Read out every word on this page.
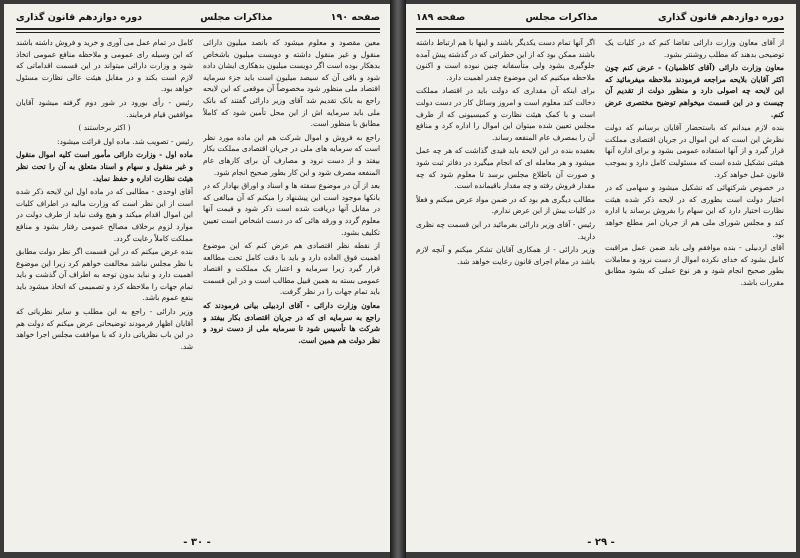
صفحه ۱۹۰
مذاکرات مجلس
دوره دوازدهم قانون گذاری

معین مقصود و معلوم میشود که بانصد میلیون دارائی منقول و غیر منقول داشته و دویست میلیون باشخاص بدهکار بوده است اگر دویست میلیون بدهکاری ایشان داده شود و باقی آن که سیصد میلیون است باید جزء سرمایه اقتصاد ملی منظور شود مخصوصاً آن موقعی که این لایحه راجع به بانک تقدیم شد آقای وزیر دارائی گفتند که بانک ملی باید سرمایه اش از این محل تأمین شود که کاملاً مطابق با منظور است.

راجع به فروش و اموال شرکت هم این ماده مورد نظر است که سرمایه های ملی در جریان اقتصادی مملکت بکار بیفتد و از دست نرود و مصارف آن برای کارهای عام المنفعه مصرف شود و این کار بطور صحیح انجام شود.

بعد از آن در موضوع سفته ها و اسناد و اوراق بهادار که در بانکها موجود است این پیشنهاد را میکنم که آن مبالغی که در مقابل آنها دریافت شده است ذکر شود و قیمت آنها معلوم گردد و ورقه هائی که در دست اشخاص است تعیین تکلیف بشود.

از نقطه نظر اقتصادی هم عرض کنم که این موضوع اهمیت فوق العاده دارد و باید با دقت کامل تحت مطالعه قرار گیرد زیرا سرمایه و اعتبار یک مملکت و اقتصاد عمومی بسته به همین قبیل مطالب است و در این قسمت باید تمام جهات را در نظر گرفت.

معاون وزارت دارائی - آقای اردبیلی بیانی فرمودند که راجع به سرمایه ای که در جریان اقتصادی بکار بیفتد و شرکت ها تأسیس شود تا سرمایه ملی از دست نرود و نظر دولت هم همین است.

کامل در تمام عمل می آوری و خرید و فروش داشته باشند که این وسیله رای عمومی و ملاحظه منافع عمومی اتخاذ شود و وزارت دارائی میتواند در این قسمت اقداماتی که لازم است بکند و در مقابل هیئت عالی نظارت مسئول خواهد بود.

رئیس - رأی بورود در شور دوم گرفته میشود آقایان موافقین قیام فرمایند.

( اکثر برخاستند )

رئیس - تصویب شد. ماده اول قرائت میشود:

ماده اول - وزارت دارائی مأمور است کلیه اموال منقول و غیر منقول و سهام و اسناد متعلق به آن را تحت نظر هیئت نظارت اداره و حفظ نماید.

آقای اوحدی - مطالبی که در ماده اول این لایحه ذکر شده است از این نظر است که وزارت مالیه در اطراف کلیات این اموال اقدام میکند و هیچ وقت نباید از طرف دولت در موارد لزوم برخلاف مصالح عمومی رفتار بشود و منافع مملکت کاملاً رعایت گردد.

بنده عرض میکنم که در این قسمت اگر نظر دولت مطابق با نظر مجلس نباشد مخالفت خواهم کرد زیرا این موضوع اهمیت دارد و نباید بدون توجه به اطراف آن گذشت و باید تمام جهات را ملاحظه کرد و تصمیمی که اتخاذ میشود باید بنفع عموم باشد.

وزیر دارائی - راجع به این مطلب و سایر نظریاتی که آقایان اظهار فرمودند توضیحاتی عرض میکنم که دولت هم در این باب نظریاتی دارد که با موافقت مجلس اجرا خواهد شد.

- ۳۰ -
دوره دوازدهم قانون گذاری
مذاکرات مجلس
صفحه ۱۸۹

از آقای معاون وزارت دارائی تقاضا کنم که در کلیات یک توضیحی بدهند که مطلب روشنتر بشود.

معاون وزارت دارائی (آقای کاظمیان) - عرض کنم چون اکثر آقایان بلایحه مراجعه فرمودند ملاحظه میفرمائید که این لایحه چه اصولی دارد و منظور دولت از تقدیم آن چیست و در این قسمت میخواهم توضیح مختصری عرض کنم.

بنده لازم میدانم که باستحضار آقایان برسانم که دولت نظرش این است که این اموال در جریان اقتصادی مملکت قرار گیرد و از آنها استفاده عمومی بشود و برای اداره آنها هیئتی تشکیل شده است که مسئولیت کامل دارد و بموجب قانون عمل خواهد کرد.

در خصوص شرکتهائی که تشکیل میشود و سهامی که در اختیار دولت است بطوری که در لایحه ذکر شده هیئت نظارت اختیار دارد که این سهام را بفروش برساند یا اداره کند و مجلس شورای ملی هم از جریان امر مطلع خواهد بود.

آقای اردبیلی - بنده موافقم ولی باید ضمن عمل مراقبت کامل بشود که خدای نکرده اموال از دست نرود و معاملات بطور صحیح انجام شود و هر نوع عملی که بشود مطابق مقررات باشد.

اگر آنها تمام دست یکدیگر باشند و اینها با هم ارتباط داشته باشند ممکن بود که از این خطراتی که در گذشته پیش آمده جلوگیری بشود ولی متأسفانه چنین نبوده است و اکنون ملاحظه میکنیم که این موضوع چقدر اهمیت دارد.

برای اینکه آن مقداری که دولت باید در اقتصاد مملکت دخالت کند معلوم است و امروز وسائل کار در دست دولت است و با کمک هیئت نظارت و کمیسیونی که از طرف مجلس تعیین شده میتوان این اموال را اداره کرد و منافع آن را بمصرف عام المنفعه رساند.

بعقیده بنده در این لایحه باید قیدی گذاشت که هر چه عمل میشود و هر معامله ای که انجام میگیرد در دفاتر ثبت شود و صورت آن باطلاع مجلس برسد تا معلوم شود که چه مقدار فروش رفته و چه مقدار باقیمانده است.

مطالب دیگری هم بود که در ضمن مواد عرض میکنم و فعلاً در کلیات بیش از این عرض ندارم.

رئیس - آقای وزیر دارائی بفرمائید در این قسمت چه نظری دارید.

وزیر دارائی - از همکاری آقایان تشکر میکنم و آنچه لازم باشد در مقام اجرای قانون رعایت خواهد شد.

- ۲۹ -
